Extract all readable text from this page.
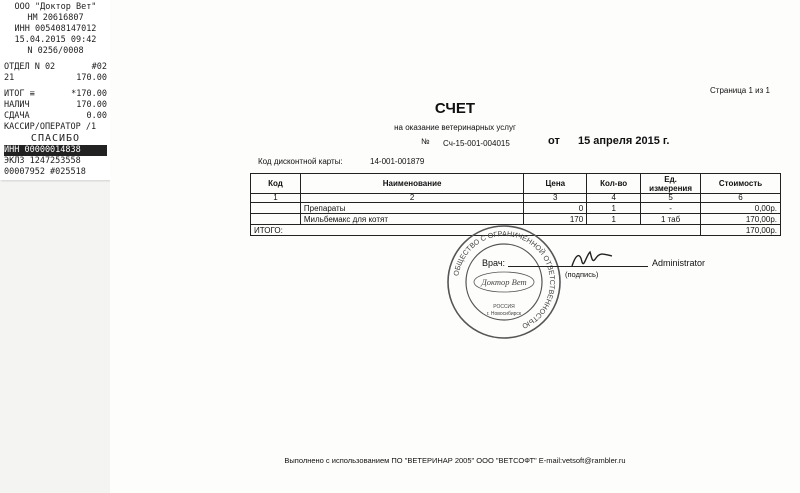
ООО "Доктор Вет"
НМ 20616807
ИНН 005408147012
15.04.2015 09:42
N 0256/0008
ОТДЕЛ N 02	#02
21	170.00
ИТОГ ≡	*170.00
НАЛИЧ	170.00
СДАЧА	0.00
КАССИР/ОПЕРАТОР /1
СПАСИБО
ИНН 00000014838
ЭКЛЗ 1247253558
00007952 #025518
Страница 1 из 1
СЧЕТ
на оказание ветеринарных услуг
№ Сч-15-001-004015	от 15 апреля 2015 г.
Код дисконтной карты:	14-001-001879
Код	Наименование	Цена	Кол-во	Ед. измерения	Стоимость
1	2	3	4	5	6
	Препараты	0	1	-	0,00р.
	Мильбемакс для котят	170	1	1 таб	170,00р.
ИТОГО:					170,00р.
ОБЩЕСТВО С ОГРАНИЧЕННОЙ ОТВЕТСТВЕННОСТЬЮ
Доктор Вет
РОССИЯ
г. Новосибирск
Врач:	Administrator
(подпись)
Выполнено с использованием ПО "ВЕТЕРИНАР 2005" ООО "ВЕТСОФТ" E-mail:vetsoft@rambler.ru
